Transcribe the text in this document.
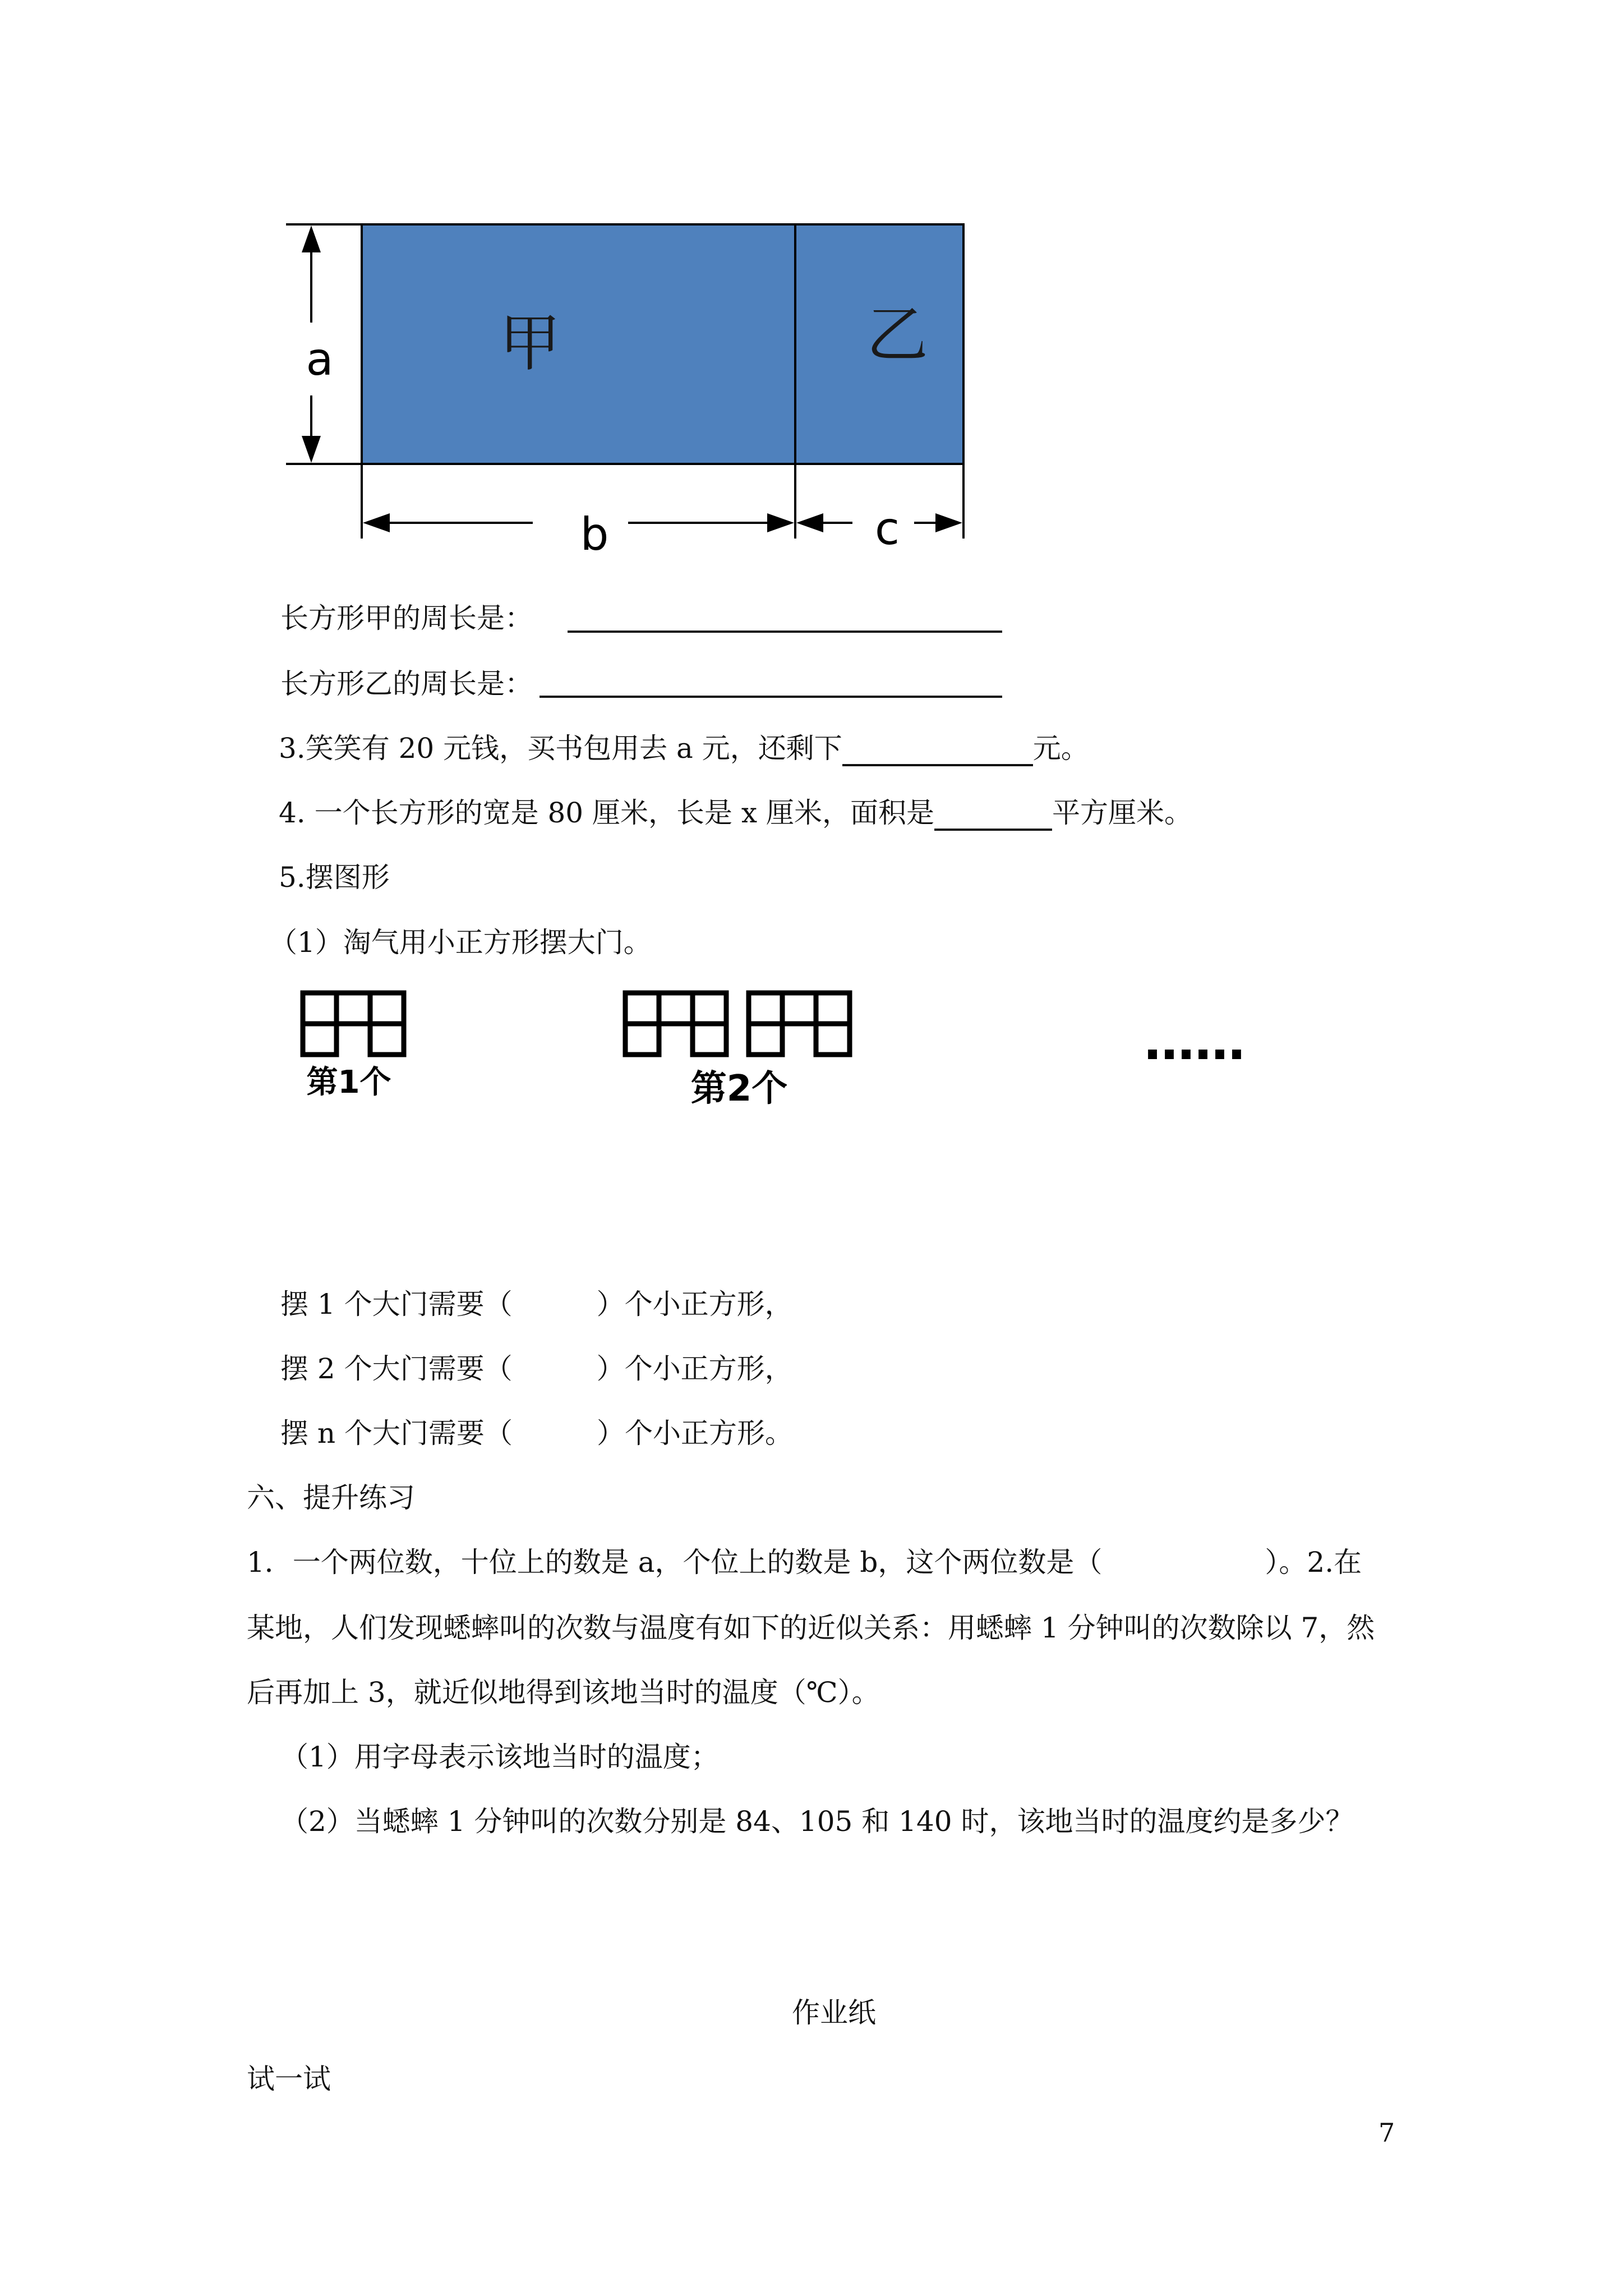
a
b	c
甲	乙
长方形甲的周长是：
长方形乙的周长是：
3.笑笑有 20 元钱，买书包用去 a 元，还剩下	元。
4. 一个长方形的宽是 80 厘米，长是 x 厘米，面积是	平方厘米。
5.摆图形
（1）淘气用小正方形摆大门。
第1个	第2个
……
摆 1 个大门需要（	）个小正方形，
摆 2 个大门需要（	）个小正方形，
摆 n 个大门需要（	）个小正方形。
六、提升练习
1．一个两位数，十位上的数是 a，个位上的数是 b，这个两位数是（	）。2.在
某地，人们发现蟋蟀叫的次数与温度有如下的近似关系：用蟋蟀 1 分钟叫的次数除以 7，然
后再加上 3，就近似地得到该地当时的温度（℃）。
（1）用字母表示该地当时的温度；
（2）当蟋蟀 1 分钟叫的次数分别是 84、105 和 140 时，该地当时的温度约是多少？
作业纸
试一试
7
